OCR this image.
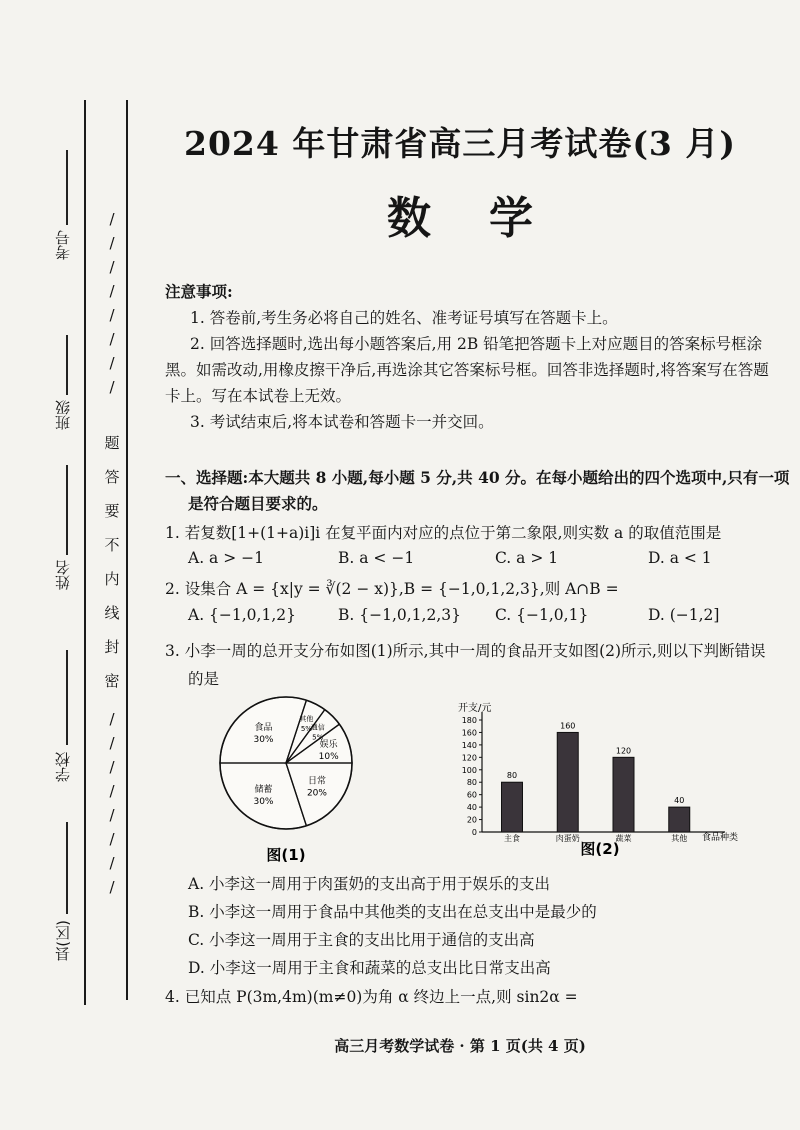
考号
班级
姓名
学校
县(区)
/
/
/
/
/
/
/
/
题
答
要
不
内
线
封
密
/
/
/
/
/
/
/
/
2024 年甘肃省高三月考试卷(3 月)
数学
注意事项:
1. 答卷前,考生务必将自己的姓名、准考证号填写在答题卡上。
2. 回答选择题时,选出每小题答案后,用 2B 铅笔把答题卡上对应题目的答案标号框涂
黑。如需改动,用橡皮擦干净后,再选涂其它答案标号框。回答非选择题时,将答案写在答题
卡上。写在本试卷上无效。
3. 考试结束后,将本试卷和答题卡一并交回。
一、选择题:本大题共 8 小题,每小题 5 分,共 40 分。在每小题给出的四个选项中,只有一项
是符合题目要求的。
1. 若复数[1+(1+a)i]i 在复平面内对应的点位于第二象限,则实数 a 的取值范围是
A. a > −1	B. a < −1	C. a > 1	D. a < 1
2. 设集合 A = {x|y = ∛(2 − x)},B = {−1,0,1,2,3},则 A∩B =
A. {−1,0,1,2}	B. {−1,0,1,2,3} C. {−1,0,1}	D. (−1,2]
3. 小李一周的总开支分布如图(1)所示,其中一周的食品开支如图(2)所示,则以下判断错误
的是
其他
5%
通信
5%
娱乐
10%
日常
20%
储蓄
30%
食品
30%
图(1)
0
20
40
60
80
100
120
140
160
180
80
主食
160
肉蛋奶
120
蔬菜
40
其他
开支/元
食品种类
图(2)
A. 小李这一周用于肉蛋奶的支出高于用于娱乐的支出
B. 小李这一周用于食品中其他类的支出在总支出中是最少的
C. 小李这一周用于主食的支出比用于通信的支出高
D. 小李这一周用于主食和蔬菜的总支出比日常支出高
4. 已知点 P(3m,4m)(m≠0)为角 α 终边上一点,则 sin2α =
高三月考数学试卷 · 第 1 页(共 4 页)
